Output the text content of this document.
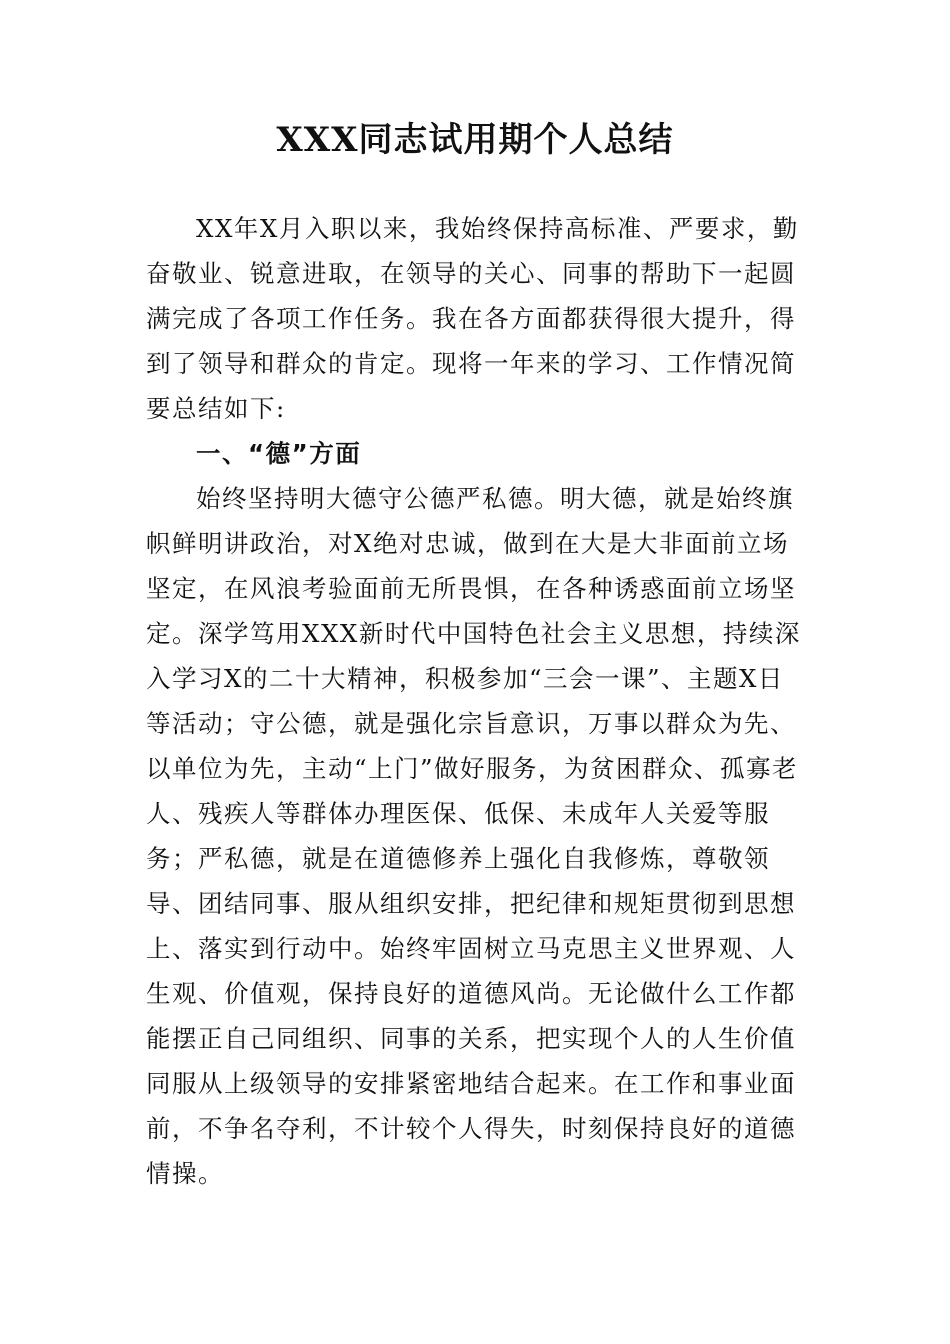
XXX同志试用期个人总结

XX年X月入职以来，我始终保持高标准、严要求，勤奋敬业、锐意进取，在领导的关心、同事的帮助下一起圆满完成了各项工作任务。我在各方面都获得很大提升，得到了领导和群众的肯定。现将一年来的学习、工作情况简要总结如下:

一、“德”方面

始终坚持明大德守公德严私德。明大德，就是始终旗帜鲜明讲政治，对X绝对忠诚，做到在大是大非面前立场坚定，在风浪考验面前无所畏惧，在各种诱惑面前立场坚定。深学笃用XXX新时代中国特色社会主义思想，持续深入学习X的二十大精神，积极参加“三会一课”、主题X日等活动；守公德，就是强化宗旨意识，万事以群众为先、以单位为先，主动“上门”做好服务，为贫困群众、孤寡老人、残疾人等群体办理医保、低保、未成年人关爱等服务；严私德，就是在道德修养上强化自我修炼，尊敬领导、团结同事、服从组织安排，把纪律和规矩贯彻到思想上、落实到行动中。始终牢固树立马克思主义世界观、人生观、价值观，保持良好的道德风尚。无论做什么工作都能摆正自己同组织、同事的关系，把实现个人的人生价值同服从上级领导的安排紧密地结合起来。在工作和事业面前，不争名夺利，不计较个人得失，时刻保持良好的道德情操。
